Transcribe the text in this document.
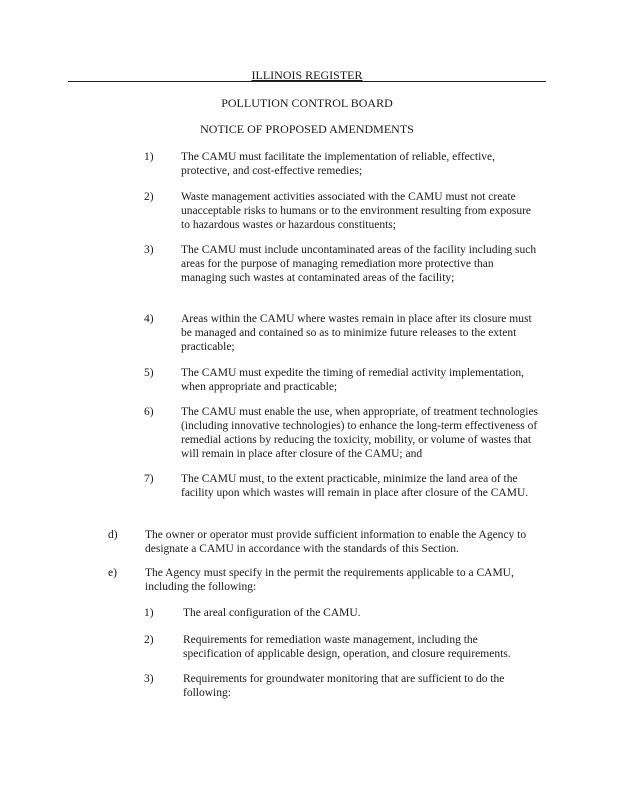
ILLINOIS REGISTER
POLLUTION CONTROL BOARD
NOTICE OF PROPOSED AMENDMENTS
1) The CAMU must facilitate the implementation of reliable, effective, protective, and cost-effective remedies;
2) Waste management activities associated with the CAMU must not create unacceptable risks to humans or to the environment resulting from exposure to hazardous wastes or hazardous constituents;
3) The CAMU must include uncontaminated areas of the facility including such areas for the purpose of managing remediation more protective than managing such wastes at contaminated areas of the facility;
4) Areas within the CAMU where wastes remain in place after its closure must be managed and contained so as to minimize future releases to the extent practicable;
5) The CAMU must expedite the timing of remedial activity implementation, when appropriate and practicable;
6) The CAMU must enable the use, when appropriate, of treatment technologies (including innovative technologies) to enhance the long-term effectiveness of remedial actions by reducing the toxicity, mobility, or volume of wastes that will remain in place after closure of the CAMU; and
7) The CAMU must, to the extent practicable, minimize the land area of the facility upon which wastes will remain in place after closure of the CAMU.
d) The owner or operator must provide sufficient information to enable the Agency to designate a CAMU in accordance with the standards of this Section.
e) The Agency must specify in the permit the requirements applicable to a CAMU, including the following:
1)	The areal configuration of the CAMU.
2)	Requirements for remediation waste management, including the specification of applicable design, operation, and closure requirements.
3)	Requirements for groundwater monitoring that are sufficient to do the following:
